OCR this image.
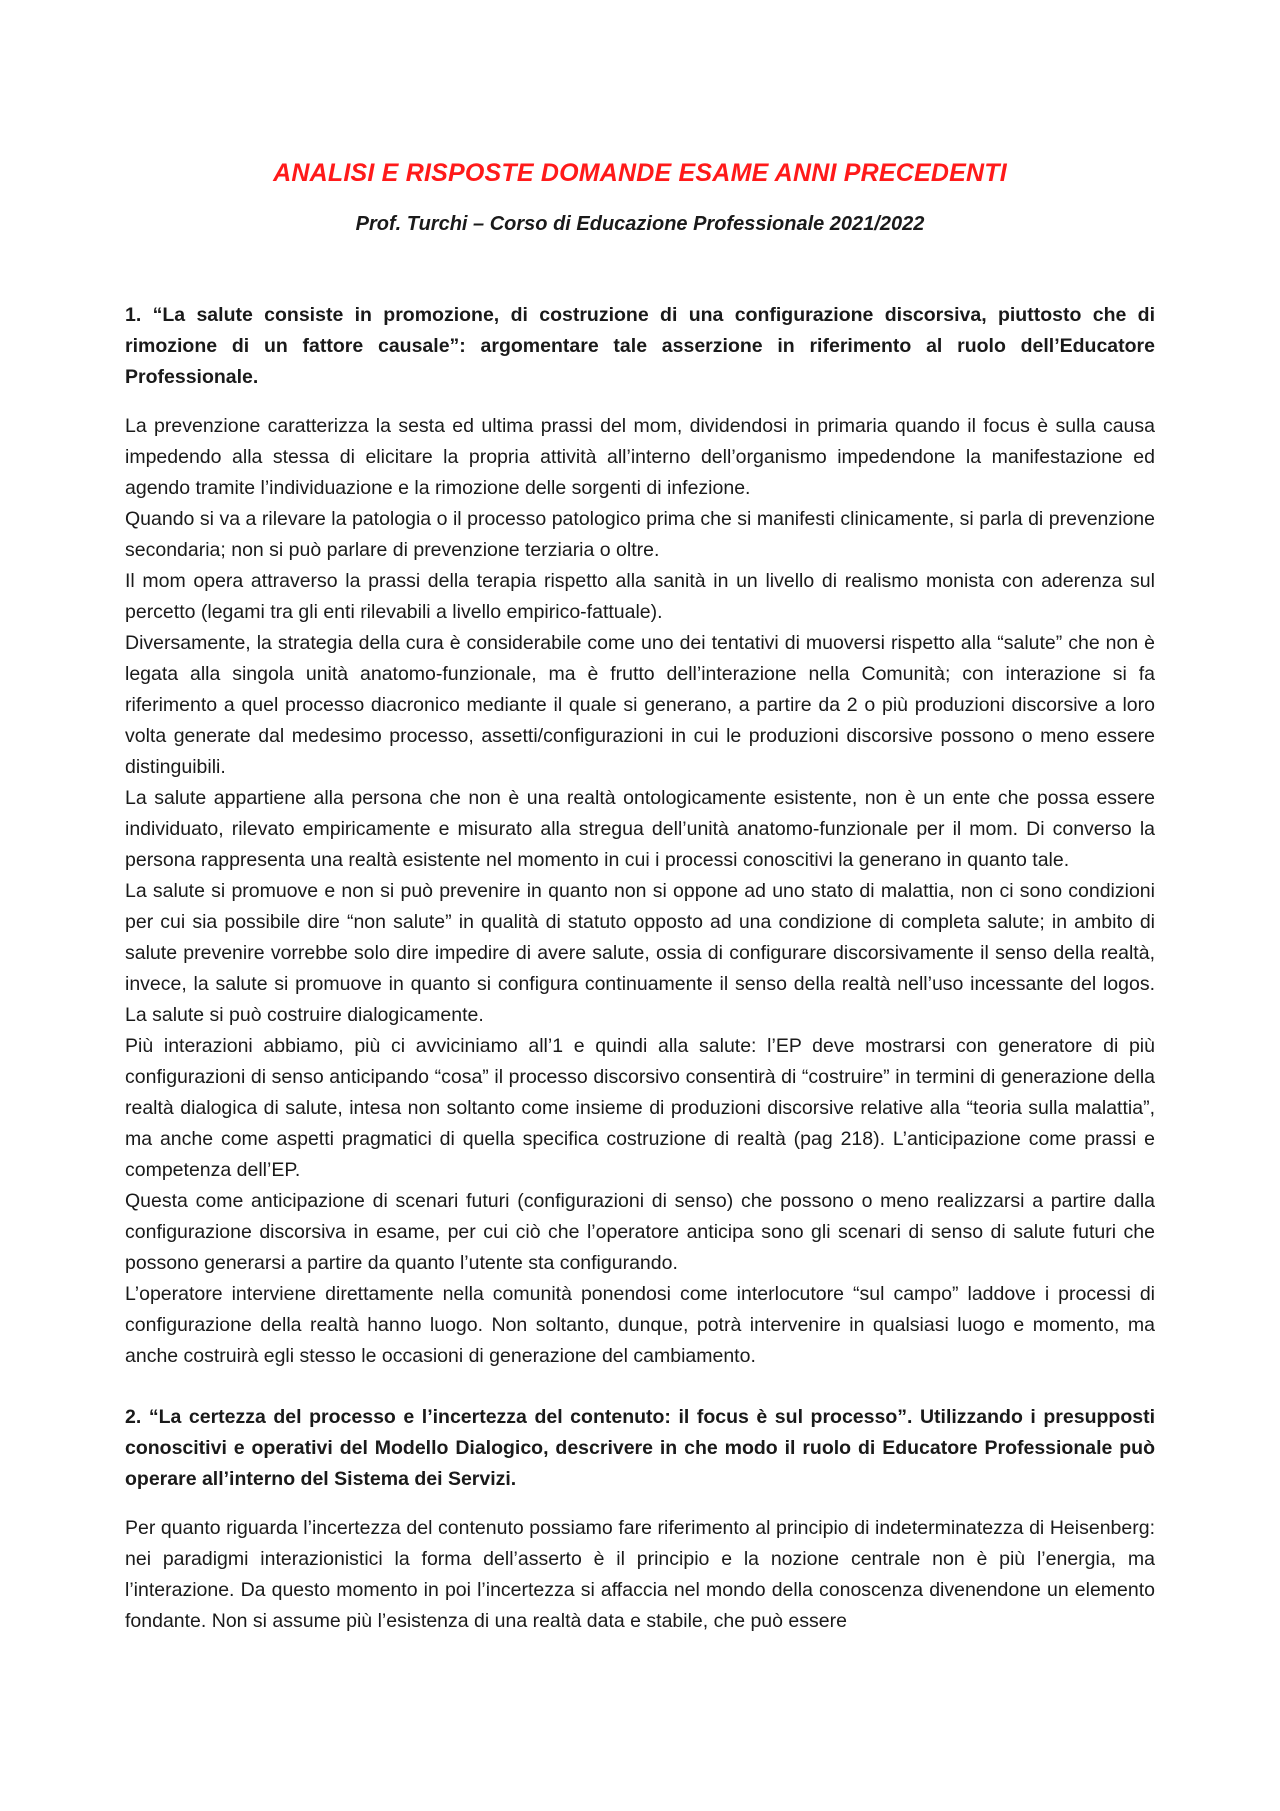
ANALISI E RISPOSTE DOMANDE ESAME ANNI PRECEDENTI
Prof. Turchi – Corso di Educazione Professionale 2021/2022
1. “La salute consiste in promozione, di costruzione di una configurazione discorsiva, piuttosto che di rimozione di un fattore causale”: argomentare tale asserzione in riferimento al ruolo dell’Educatore Professionale.

La prevenzione caratterizza la sesta ed ultima prassi del mom, dividendosi in primaria quando il focus è sulla causa impedendo alla stessa di elicitare la propria attività all’interno dell’organismo impedendone la manifestazione ed agendo tramite l’individuazione e la rimozione delle sorgenti di infezione.

Quando si va a rilevare la patologia o il processo patologico prima che si manifesti clinicamente, si parla di prevenzione secondaria; non si può parlare di prevenzione terziaria o oltre.

Il mom opera attraverso la prassi della terapia rispetto alla sanità in un livello di realismo monista con aderenza sul percetto (legami tra gli enti rilevabili a livello empirico-fattuale).

Diversamente, la strategia della cura è considerabile come uno dei tentativi di muoversi rispetto alla “salute” che non è legata alla singola unità anatomo-funzionale, ma è frutto dell’interazione nella Comunità; con interazione si fa riferimento a quel processo diacronico mediante il quale si generano, a partire da 2 o più produzioni discorsive a loro volta generate dal medesimo processo, assetti/configurazioni in cui le produzioni discorsive possono o meno essere distinguibili.

La salute appartiene alla persona che non è una realtà ontologicamente esistente, non è un ente che possa essere individuato, rilevato empiricamente e misurato alla stregua dell’unità anatomo-funzionale per il mom. Di converso la persona rappresenta una realtà esistente nel momento in cui i processi conoscitivi la generano in quanto tale.

La salute si promuove e non si può prevenire in quanto non si oppone ad uno stato di malattia, non ci sono condizioni per cui sia possibile dire “non salute” in qualità di statuto opposto ad una condizione di completa salute; in ambito di salute prevenire vorrebbe solo dire impedire di avere salute, ossia di configurare discorsivamente il senso della realtà, invece, la salute si promuove in quanto si configura continuamente il senso della realtà nell’uso incessante del logos. La salute si può costruire dialogicamente.

Più interazioni abbiamo, più ci avviciniamo all’1 e quindi alla salute: l’EP deve mostrarsi con generatore di più configurazioni di senso anticipando “cosa” il processo discorsivo consentirà di “costruire” in termini di generazione della realtà dialogica di salute, intesa non soltanto come insieme di produzioni discorsive relative alla “teoria sulla malattia”, ma anche come aspetti pragmatici di quella specifica costruzione di realtà (pag 218). L’anticipazione come prassi e competenza dell’EP.

Questa come anticipazione di scenari futuri (configurazioni di senso) che possono o meno realizzarsi a partire dalla configurazione discorsiva in esame, per cui ciò che l’operatore anticipa sono gli scenari di senso di salute futuri che possono generarsi a partire da quanto l’utente sta configurando.

L’operatore interviene direttamente nella comunità ponendosi come interlocutore “sul campo” laddove i processi di configurazione della realtà hanno luogo. Non soltanto, dunque, potrà intervenire in qualsiasi luogo e momento, ma anche costruirà egli stesso le occasioni di generazione del cambiamento.

2. “La certezza del processo e l’incertezza del contenuto: il focus è sul processo”. Utilizzando i presupposti conoscitivi e operativi del Modello Dialogico, descrivere in che modo il ruolo di Educatore Professionale può operare all’interno del Sistema dei Servizi.

Per quanto riguarda l’incertezza del contenuto possiamo fare riferimento al principio di indeterminatezza di Heisenberg: nei paradigmi interazionistici la forma dell’asserto è il principio e la nozione centrale non è più l’energia, ma l’interazione. Da questo momento in poi l’incertezza si affaccia nel mondo della conoscenza divenendone un elemento fondante. Non si assume più l’esistenza di una realtà data e stabile, che può essere
